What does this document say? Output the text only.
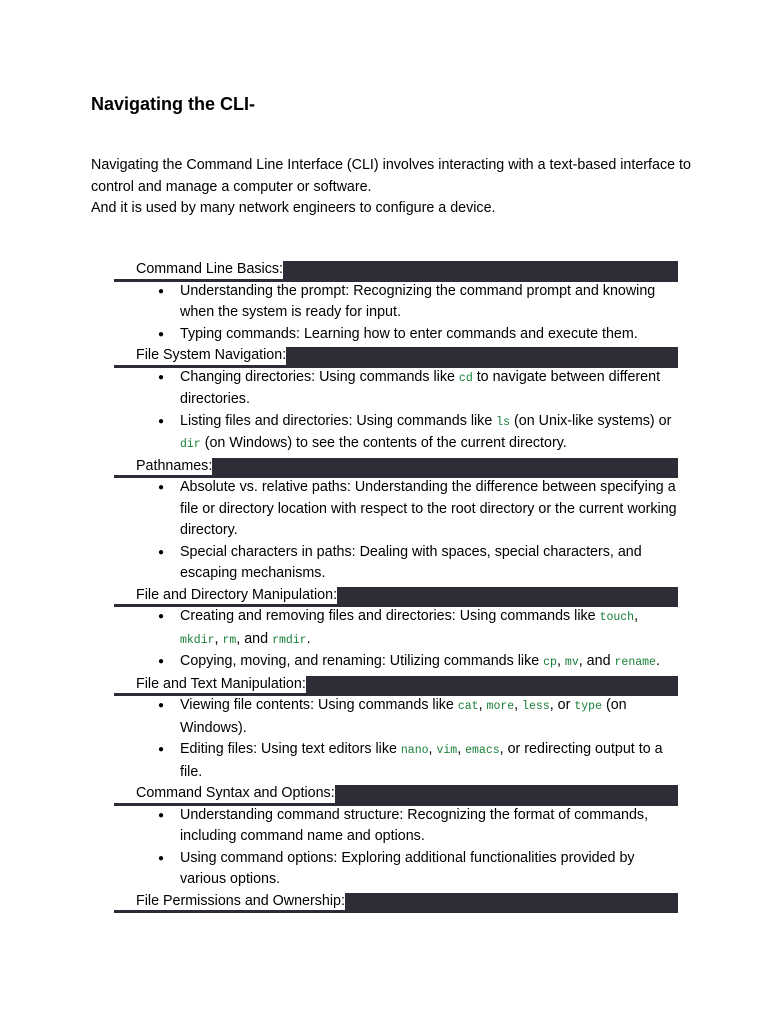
Navigating the CLI-

Navigating the Command Line Interface (CLI) involves interacting with a text-based interface to control and manage a computer or software.

And it is used by many network engineers to configure a device.

Command Line Basics:
● Understanding the prompt: Recognizing the command prompt and knowing when the system is ready for input.
● Typing commands: Learning how to enter commands and execute them.
File System Navigation:
● Changing directories: Using commands like cd to navigate between different directories.
● Listing files and directories: Using commands like ls (on Unix-like systems) or dir (on Windows) to see the contents of the current directory.
Pathnames:
● Absolute vs. relative paths: Understanding the difference between specifying a file or directory location with respect to the root directory or the current working directory.
● Special characters in paths: Dealing with spaces, special characters, and escaping mechanisms.
File and Directory Manipulation:
● Creating and removing files and directories: Using commands like touch, mkdir, rm, and rmdir.
● Copying, moving, and renaming: Utilizing commands like cp, mv, and rename.
File and Text Manipulation:
● Viewing file contents: Using commands like cat, more, less, or type (on Windows).
● Editing files: Using text editors like nano, vim, emacs, or redirecting output to a file.
Command Syntax and Options:
● Understanding command structure: Recognizing the format of commands, including command name and options.
● Using command options: Exploring additional functionalities provided by various options.
File Permissions and Ownership:
